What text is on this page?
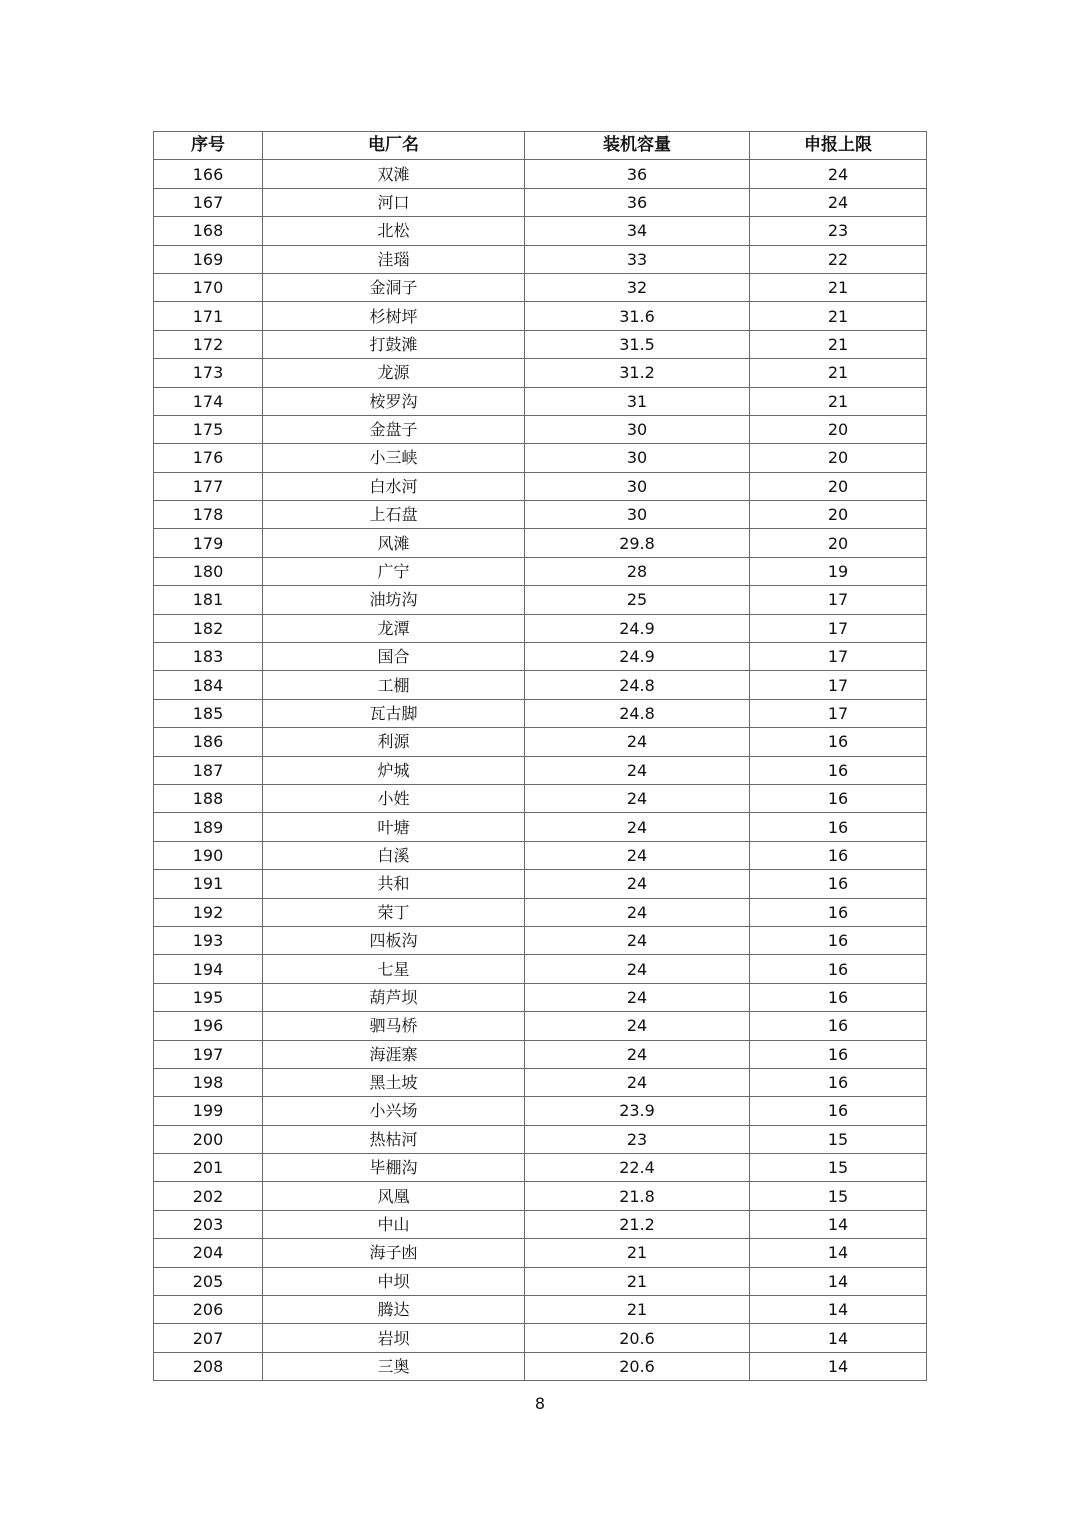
序号	电厂名	装机容量	申报上限
166	双滩	36	24
167	河口	36	24
168	北松	34	23
169	洼瑙	33	22
170	金洞子	32	21
171	杉树坪	31.6	21
172	打鼓滩	31.5	21
173	龙源	31.2	21
174	桉罗沟	31	21
175	金盘子	30	20
176	小三峡	30	20
177	白水河	30	20
178	上石盘	30	20
179	风滩	29.8	20
180	广宁	28	19
181	油坊沟	25	17
182	龙潭	24.9	17
183	国合	24.9	17
184	工棚	24.8	17
185	瓦古脚	24.8	17
186	利源	24	16
187	炉城	24	16
188	小姓	24	16
189	叶塘	24	16
190	白溪	24	16
191	共和	24	16
192	荣丁	24	16
193	四板沟	24	16
194	七星	24	16
195	葫芦坝	24	16
196	驷马桥	24	16
197	海涯寨	24	16
198	黑土坡	24	16
199	小兴场	23.9	16
200	热枯河	23	15
201	毕棚沟	22.4	15
202	风凰	21.8	15
203	中山	21.2	14
204	海子凼	21	14
205	中坝	21	14
206	腾达	21	14
207	岩坝	20.6	14
208	三奥	20.6	14
8
